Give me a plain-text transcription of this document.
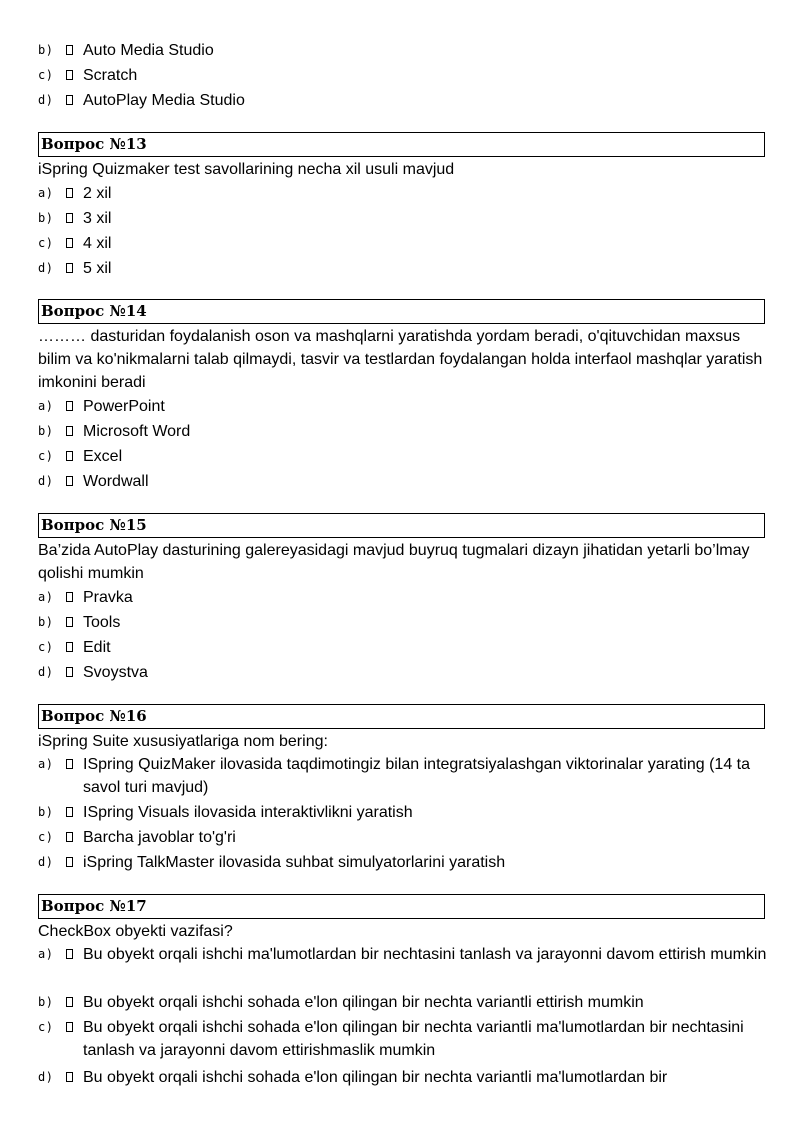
b) Auto Media Studio
c) Scratch
d) AutoPlay Media Studio
Вопрос №13
iSpring Quizmaker test savollarining necha xil usuli mavjud
a) 2 xil
b) 3 xil
c) 4 xil
d) 5 xil
Вопрос №14
……… dasturidan foydalanish oson va mashqlarni yaratishda yordam beradi, o'qituvchidan maxsus bilim va ko'nikmalarni talab qilmaydi, tasvir va testlardan foydalangan holda interfaol mashqlar yaratish imkonini beradi
a) PowerPoint
b) Microsoft Word
c) Excel
d) Wordwall
Вопрос №15
Ba’zida AutoPlay dasturining galereyasidagi mavjud buyruq tugmalari dizayn jihatidan yetarli bo’lmay qolishi mumkin
a) Pravka
b) Tools
c) Edit
d) Svoystva
Вопрос №16
iSpring Suite xususiyatlariga nom bering:
a) ISpring QuizMaker ilovasida taqdimotingiz bilan integratsiyalashgan viktorinalar yarating (14 ta savol turi mavjud)
b) ISpring Visuals ilovasida interaktivlikni yaratish
c) Barcha javoblar to'g'ri
d) iSpring TalkMaster ilovasida suhbat simulyatorlarini yaratish
Вопрос №17
CheckBox obyekti vazifasi?
a) Bu obyekt orqali ishchi ma'lumotlardan bir nechtasini tanlash va jarayonni davom ettirish mumkin
b) Bu obyekt orqali ishchi sohada e'lon qilingan bir nechta variantli ettirish mumkin
c) Bu obyekt orqali ishchi sohada e'lon qilingan bir nechta variantli ma'lumotlardan bir nechtasini tanlash va jarayonni davom ettirishmaslik mumkin
d) Bu obyekt orqali ishchi sohada e'lon qilingan bir nechta variantli ma'lumotlardan bir
